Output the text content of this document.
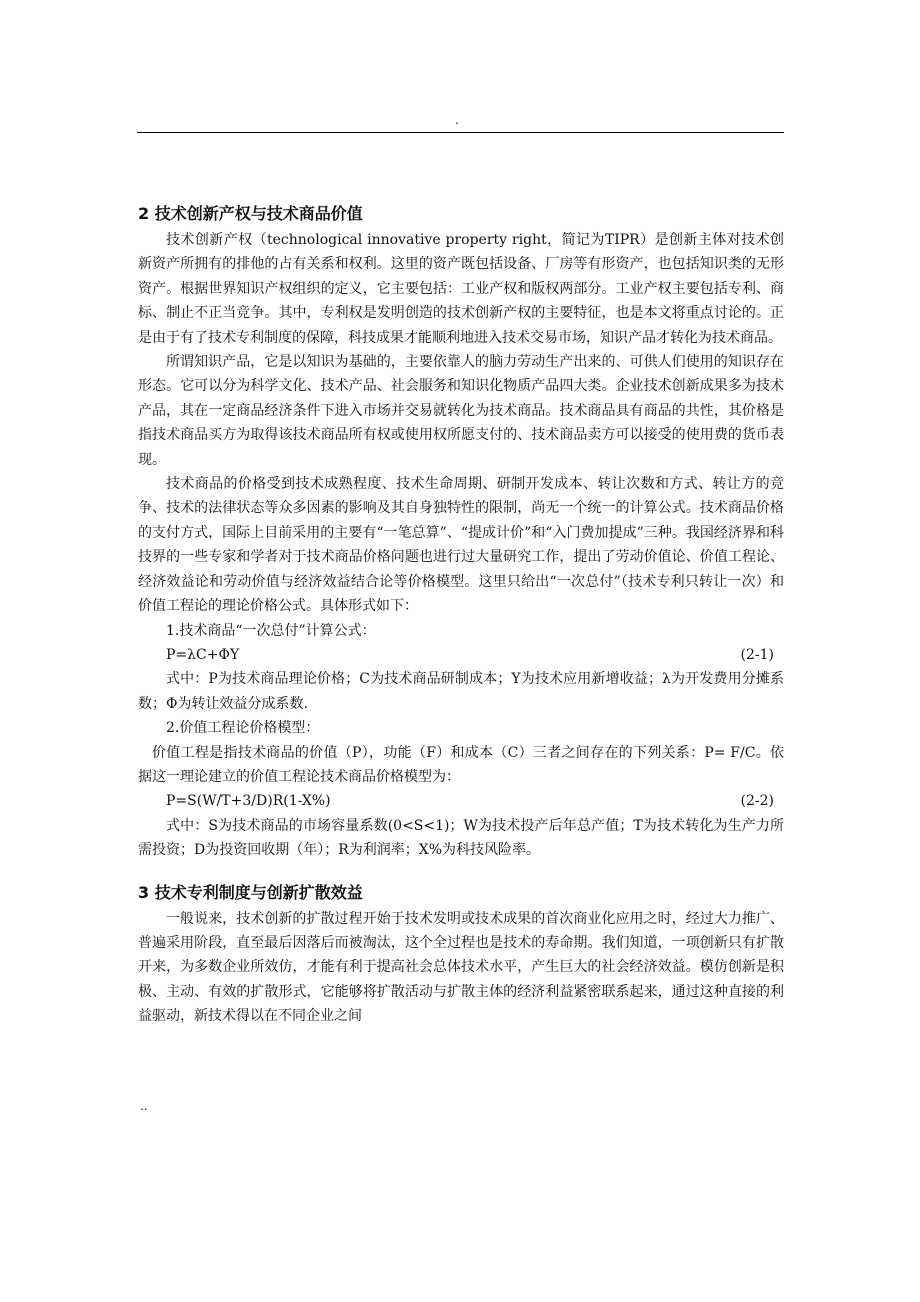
.
2 技术创新产权与技术商品价值

技术创新产权（technological innovative property right，简记为TIPR）是创新主体对技术创新资产所拥有的排他的占有关系和权利。这里的资产既包括设备、厂房等有形资产，也包括知识类的无形资产。根据世界知识产权组织的定义，它主要包括：工业产权和版权两部分。工业产权主要包括专利、商标、制止不正当竞争。其中，专利权是发明创造的技术创新产权的主要特征，也是本文将重点讨论的。正是由于有了技术专利制度的保障，科技成果才能顺利地进入技术交易市场，知识产品才转化为技术商品。

所谓知识产品，它是以知识为基础的，主要依靠人的脑力劳动生产出来的、可供人们使用的知识存在形态。它可以分为科学文化、技术产品、社会服务和知识化物质产品四大类。企业技术创新成果多为技术产品，其在一定商品经济条件下进入市场并交易就转化为技术商品。技术商品具有商品的共性，其价格是指技术商品买方为取得该技术商品所有权或使用权所愿支付的、技术商品卖方可以接受的使用费的货币表现。

技术商品的价格受到技术成熟程度、技术生命周期、研制开发成本、转让次数和方式、转让方的竞争、技术的法律状态等众多因素的影响及其自身独特性的限制，尚无一个统一的计算公式。技术商品价格的支付方式，国际上目前采用的主要有“一笔总算”、“提成计价”和“入门费加提成”三种。我国经济界和科技界的一些专家和学者对于技术商品价格问题也进行过大量研究工作，提出了劳动价值论、价值工程论、经济效益论和劳动价值与经济效益结合论等价格模型。这里只给出“一次总付”（技术专利只转让一次）和价值工程论的理论价格公式。具体形式如下：

1.技术商品“一次总付”计算公式：

P=λC+ΦY	(2-1)

式中：P为技术商品理论价格；C为技术商品研制成本；Y为技术应用新增收益；λ为开发费用分摊系数；Φ为转让效益分成系数.

2.价值工程论价格模型：

价值工程是指技术商品的价值（P），功能（F）和成本（C）三者之间存在的下列关系：P= F/C。依据这一理论建立的价值工程论技术商品价格模型为：

P=S(W/T+3/D)R(1-X%)	(2-2)

式中：S为技术商品的市场容量系数(0<S<1)；W为技术投产后年总产值；T为技术转化为生产力所需投资；D为投资回收期（年）；R为利润率；X%为科技风险率。

3 技术专利制度与创新扩散效益

一般说来，技术创新的扩散过程开始于技术发明或技术成果的首次商业化应用之时，经过大力推广、普遍采用阶段，直至最后因落后而被淘汰，这个全过程也是技术的寿命期。我们知道，一项创新只有扩散开来，为多数企业所效仿，才能有利于提高社会总体技术水平，产生巨大的社会经济效益。模仿创新是积极、主动、有效的扩散形式，它能够将扩散活动与扩散主体的经济利益紧密联系起来，通过这种直接的利益驱动，新技术得以在不同企业之间

..
